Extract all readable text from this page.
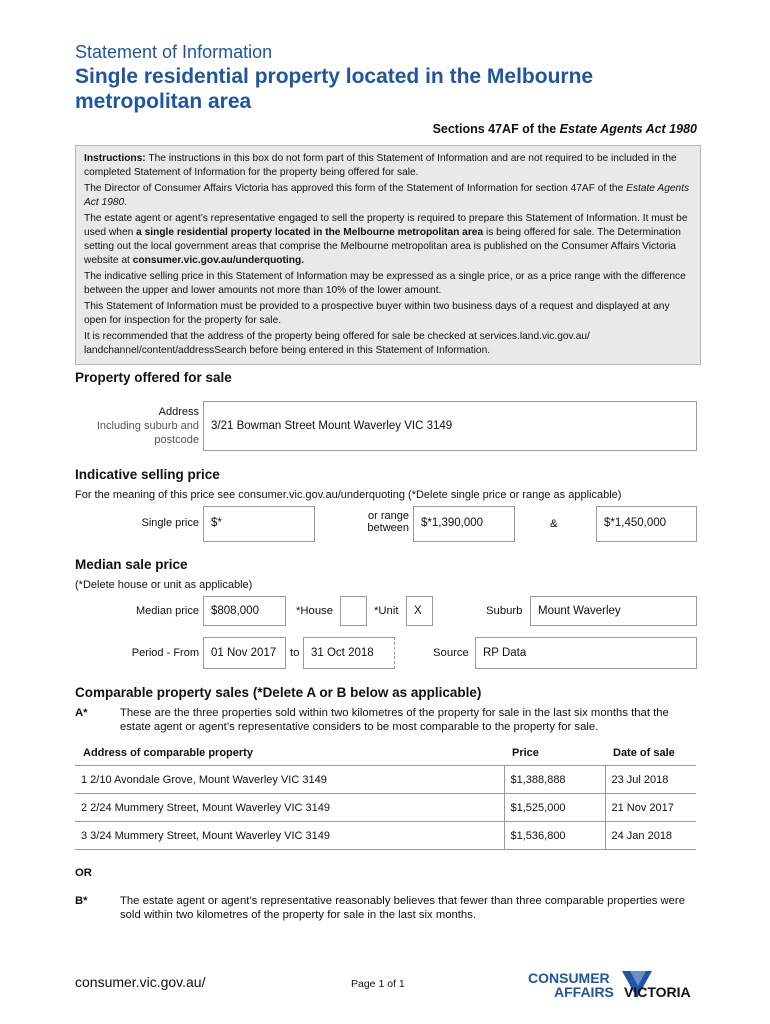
Statement of Information
Single residential property located in the Melbourne metropolitan area
Sections 47AF of the Estate Agents Act 1980

Instructions: The instructions in this box do not form part of this Statement of Information and are not required to be included in the completed Statement of Information for the property being offered for sale.

The Director of Consumer Affairs Victoria has approved this form of the Statement of Information for section 47AF of the Estate Agents Act 1980.

The estate agent or agent’s representative engaged to sell the property is required to prepare this Statement of Information. It must be used when a single residential property located in the Melbourne metropolitan area is being offered for sale. The Determination setting out the local government areas that comprise the Melbourne metropolitan area is published on the Consumer Affairs Victoria website at consumer.vic.gov.au/underquoting.

The indicative selling price in this Statement of Information may be expressed as a single price, or as a price range with the difference between the upper and lower amounts not more than 10% of the lower amount.

This Statement of Information must be provided to a prospective buyer within two business days of a request and displayed at any open for inspection for the property for sale.

It is recommended that the address of the property being offered for sale be checked at services.land.vic.gov.au/ landchannel/content/addressSearch before being entered in this Statement of Information.

Property offered for sale
Address
Including suburb and
postcode
3/21 Bowman Street Mount Waverley VIC 3149
Indicative selling price
For the meaning of this price see consumer.vic.gov.au/underquoting (*Delete single price or range as applicable)
Single price	$*
or range
between	$*1,390,000	&	$*1,450,000
Median sale price
(*Delete house or unit as applicable)
Median price	$808,000	*House	*Unit	X	Suburb	Mount Waverley
Period - From	01 Nov 2017	to	31 Oct 2018	Source	RP Data
Comparable property sales (*Delete A or B below as applicable)
A*	These are the three properties sold within two kilometres of the property for sale in the last six months that the estate agent or agent’s representative considers to be most comparable to the property for sale.
Address of comparable property	Price	Date of sale
1 2/10 Avondale Grove, Mount Waverley VIC 3149	$1,388,888	23 Jul 2018
2 2/24 Mummery Street, Mount Waverley VIC 3149	$1,525,000	21 Nov 2017
3 3/24 Mummery Street, Mount Waverley VIC 3149	$1,536,800	24 Jan 2018
OR
B*	The estate agent or agent’s representative reasonably believes that fewer than three comparable properties were sold within two kilometres of the property for sale in the last six months.
consumer.vic.gov.au/	Page 1 of 1	CONSUMER
AFFAIRS VICTORIA
